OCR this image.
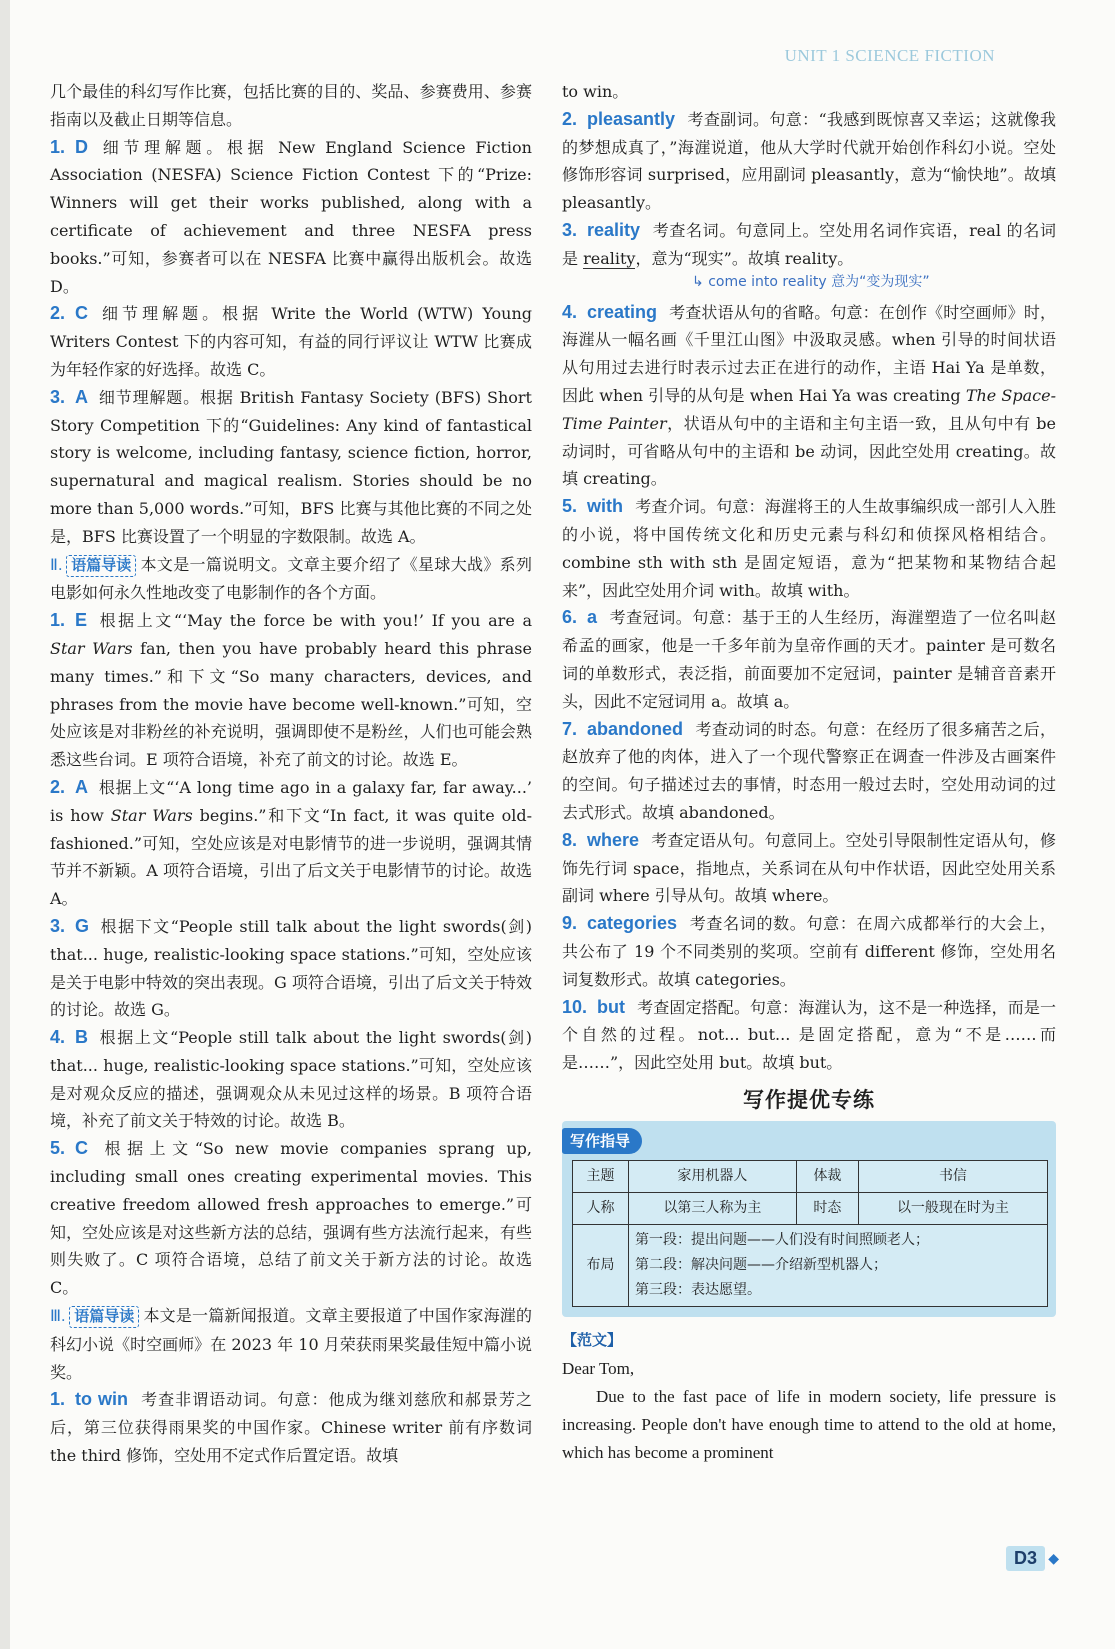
UNIT 1 SCIENCE FICTION

几个最佳的科幻写作比赛，包括比赛的目的、奖品、参赛费用、参赛指南以及截止日期等信息。

1. D 细节理解题。根据 New England Science Fiction Association (NESFA) Science Fiction Contest 下的“Prize: Winners will get their works published, along with a certificate of achievement and three NESFA press books.”可知，参赛者可以在 NESFA 比赛中赢得出版机会。故选 D。

2. C 细节理解题。根据 Write the World (WTW) Young Writers Contest 下的内容可知，有益的同行评议让 WTW 比赛成为年轻作家的好选择。故选 C。

3. A 细节理解题。根据 British Fantasy Society (BFS) Short Story Competition 下的“Guidelines: Any kind of fantastical story is welcome, including fantasy, science fiction, horror, supernatural and magical realism. Stories should be no more than 5,000 words.”可知，BFS 比赛与其他比赛的不同之处是，BFS 比赛设置了一个明显的字数限制。故选 A。

Ⅱ. 语篇导读 本文是一篇说明文。文章主要介绍了《星球大战》系列电影如何永久性地改变了电影制作的各个方面。

1. E 根据上文“‘May the force be with you!’ If you are a Star Wars fan, then you have probably heard this phrase many times.”和下文“So many characters, devices, and phrases from the movie have become well-known.”可知，空处应该是对非粉丝的补充说明，强调即使不是粉丝，人们也可能会熟悉这些台词。E 项符合语境，补充了前文的讨论。故选 E。

2. A 根据上文“‘A long time ago in a galaxy far, far away...’ is how Star Wars begins.”和下文“In fact, it was quite old-fashioned.”可知，空处应该是对电影情节的进一步说明，强调其情节并不新颖。A 项符合语境，引出了后文关于电影情节的讨论。故选 A。

3. G 根据下文“People still talk about the light swords(剑) that... huge, realistic-looking space stations.”可知，空处应该是关于电影中特效的突出表现。G 项符合语境，引出了后文关于特效的讨论。故选 G。

4. B 根据上文“People still talk about the light swords(剑) that... huge, realistic-looking space stations.”可知，空处应该是对观众反应的描述，强调观众从未见过这样的场景。B 项符合语境，补充了前文关于特效的讨论。故选 B。

5. C 根据上文“So new movie companies sprang up, including small ones creating experimental movies. This creative freedom allowed fresh approaches to emerge.”可知，空处应该是对这些新方法的总结，强调有些方法流行起来，有些则失败了。C 项符合语境，总结了前文关于新方法的讨论。故选 C。

Ⅲ. 语篇导读 本文是一篇新闻报道。文章主要报道了中国作家海漄的科幻小说《时空画师》在 2023 年 10 月荣获雨果奖最佳短中篇小说奖。

1. to win 考查非谓语动词。句意：他成为继刘慈欣和郝景芳之后，第三位获得雨果奖的中国作家。Chinese writer 前有序数词 the third 修饰，空处用不定式作后置定语。故填

to win。

2. pleasantly 考查副词。句意：“我感到既惊喜又幸运；这就像我的梦想成真了，”海漄说道，他从大学时代就开始创作科幻小说。空处修饰形容词 surprised，应用副词 pleasantly，意为“愉快地”。故填 pleasantly。

3. reality 考查名词。句意同上。空处用名词作宾语，real 的名词是 reality，意为“现实”。故填 reality。

↳ come into reality 意为“变为现实”

4. creating 考查状语从句的省略。句意：在创作《时空画师》时，海漄从一幅名画《千里江山图》中汲取灵感。when 引导的时间状语从句用过去进行时表示过去正在进行的动作，主语 Hai Ya 是单数，因此 when 引导的从句是 when Hai Ya was creating The Space-Time Painter，状语从句中的主语和主句主语一致，且从句中有 be 动词时，可省略从句中的主语和 be 动词，因此空处用 creating。故填 creating。

5. with 考查介词。句意：海漄将王的人生故事编织成一部引人入胜的小说，将中国传统文化和历史元素与科幻和侦探风格相结合。combine sth with sth 是固定短语，意为“把某物和某物结合起来”，因此空处用介词 with。故填 with。

6. a 考查冠词。句意：基于王的人生经历，海漄塑造了一位名叫赵希孟的画家，他是一千多年前为皇帝作画的天才。painter 是可数名词的单数形式，表泛指，前面要加不定冠词，painter 是辅音音素开头，因此不定冠词用 a。故填 a。

7. abandoned 考查动词的时态。句意：在经历了很多痛苦之后，赵放弃了他的肉体，进入了一个现代警察正在调查一件涉及古画案件的空间。句子描述过去的事情，时态用一般过去时，空处用动词的过去式形式。故填 abandoned。

8. where 考查定语从句。句意同上。空处引导限制性定语从句，修饰先行词 space，指地点，关系词在从句中作状语，因此空处用关系副词 where 引导从句。故填 where。

9. categories 考查名词的数。句意：在周六成都举行的大会上，共公布了 19 个不同类别的奖项。空前有 different 修饰，空处用名词复数形式。故填 categories。

10. but 考查固定搭配。句意：海漄认为，这不是一种选择，而是一个自然的过程。not... but... 是固定搭配，意为“不是……而是……”，因此空处用 but。故填 but。

写作提优专练
写作指导
主题	家用机器人	体裁	书信
人称	以第三人称为主	时态	以一般现在时为主
布局	第一段：提出问题——人们没有时间照顾老人；
第二段：解决问题——介绍新型机器人；
第三段：表达愿望。		
【范文】

Dear Tom,

Due to the fast pace of life in modern society, life pressure is increasing. People don't have enough time to attend to the old at home, which has become a prominent

D3 ◆
